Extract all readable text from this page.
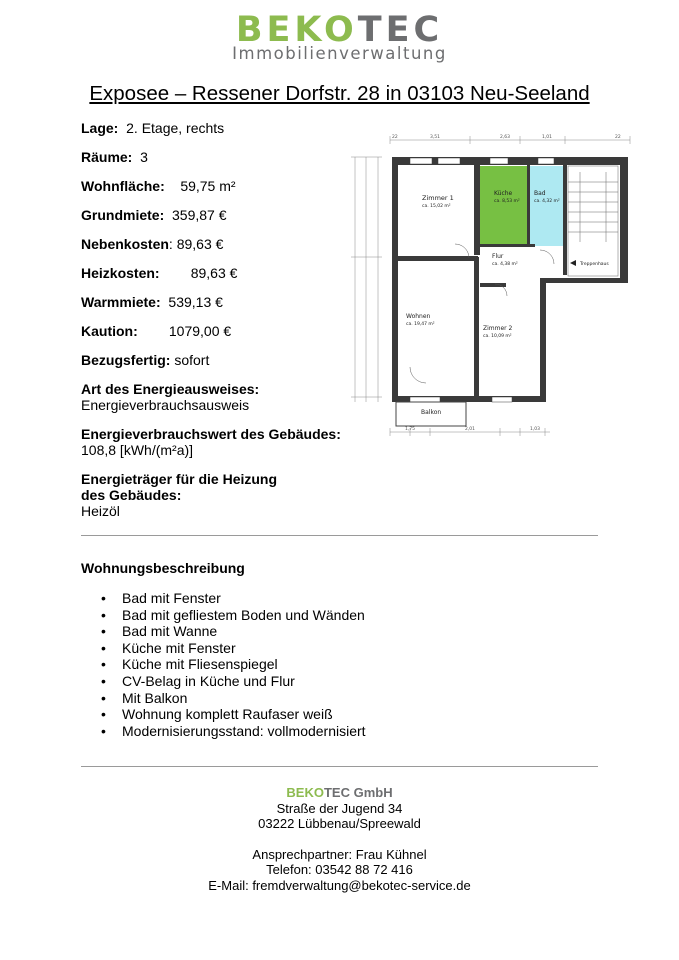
BEKOTEC
Immobilienverwaltung
Exposee – Ressener Dorfstr. 28 in 03103 Neu-Seeland
Lage: 2. Etage, rechts
Räume: 3
Wohnfläche: 59,75 m²
Grundmiete: 359,87 €
Nebenkosten: 89,63 €
Heizkosten: 89,63 €
Warmmiete: 539,13 €
Kaution: 1079,00 €
Bezugsfertig: sofort
Art des Energieausweises:
Energieverbrauchsausweis
Energieverbrauchswert des Gebäudes:
108,8 [kWh/(m²a)]
Energieträger für die Heizung
des Gebäudes:
Heizöl
22	3,51	2,63	1,01	22
1,75	2,01	1,03
Zimmer 1
ca. 15,02 m²
Küche
ca. 8,53 m²
Bad
ca. 4,32 m²
Flur
ca. 4,38 m²
Wohnen
ca. 19,47 m²
Zimmer 2
ca. 10,09 m²
Balkon
Treppenhaus
Wohnungsbeschreibung
• Bad mit Fenster
• Bad mit gefliestem Boden und Wänden
• Bad mit Wanne
• Küche mit Fenster
• Küche mit Fliesenspiegel
• CV-Belag in Küche und Flur
• Mit Balkon
• Wohnung komplett Raufaser weiß
• Modernisierungsstand: vollmodernisiert
BEKOTEC GmbH
Straße der Jugend 34
03222 Lübbenau/Spreewald
Ansprechpartner: Frau Kühnel
Telefon: 03542 88 72 416
E-Mail: fremdverwaltung@bekotec-service.de
